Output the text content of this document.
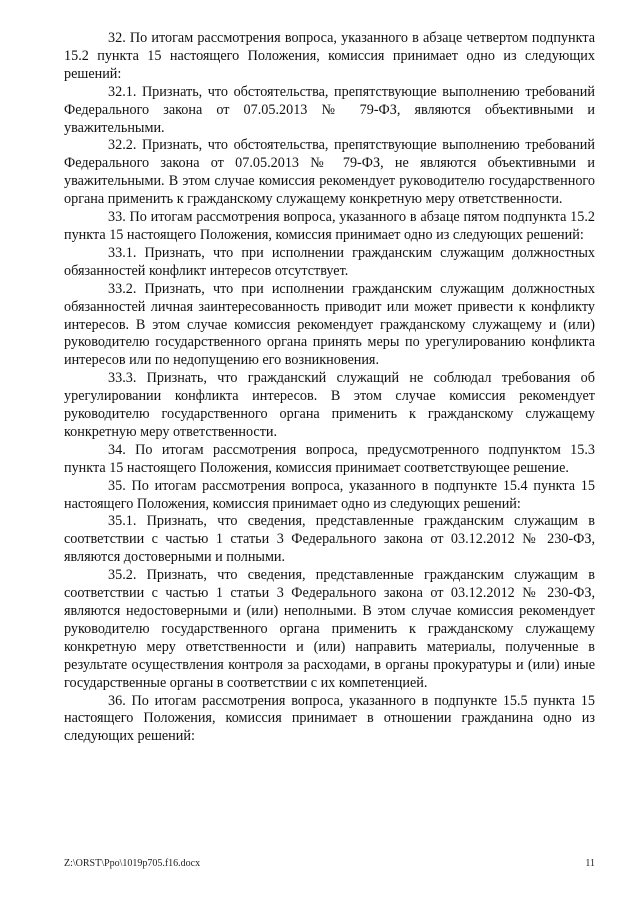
32. По итогам рассмотрения вопроса, указанного в абзаце четвертом подпункта 15.2 пункта 15 настоящего Положения, комиссия принимает одно из следующих решений:

32.1. Признать, что обстоятельства, препятствующие выполнению требований Федерального закона от 07.05.2013 № 79-ФЗ, являются объективными и уважительными.

32.2. Признать, что обстоятельства, препятствующие выполнению требований Федерального закона от 07.05.2013 № 79-ФЗ, не являются объективными и уважительными. В этом случае комиссия рекомендует руководителю государственного органа применить к гражданскому служащему конкретную меру ответственности.

33. По итогам рассмотрения вопроса, указанного в абзаце пятом подпункта 15.2 пункта 15 настоящего Положения, комиссия принимает одно из следующих решений:

33.1. Признать, что при исполнении гражданским служащим должностных обязанностей конфликт интересов отсутствует.

33.2. Признать, что при исполнении гражданским служащим должностных обязанностей личная заинтересованность приводит или может привести к конфликту интересов. В этом случае комиссия рекомендует гражданскому служащему и (или) руководителю государственного органа принять меры по урегулированию конфликта интересов или по недопущению его возникновения.

33.3. Признать, что гражданский служащий не соблюдал требования об урегулировании конфликта интересов. В этом случае комиссия рекомендует руководителю государственного органа применить к гражданскому служащему конкретную меру ответственности.

34. По итогам рассмотрения вопроса, предусмотренного подпунктом 15.3 пункта 15 настоящего Положения, комиссия принимает соответствующее решение.

35. По итогам рассмотрения вопроса, указанного в подпункте 15.4 пункта 15 настоящего Положения, комиссия принимает одно из следующих решений:

35.1. Признать, что сведения, представленные гражданским служащим в соответствии с частью 1 статьи 3 Федерального закона от 03.12.2012 № 230-ФЗ, являются достоверными и полными.

35.2. Признать, что сведения, представленные гражданским служащим в соответствии с частью 1 статьи 3 Федерального закона от 03.12.2012 № 230-ФЗ, являются недостоверными и (или) неполными. В этом случае комиссия рекомендует руководителю государственного органа применить к гражданскому служащему конкретную меру ответственности и (или) направить материалы, полученные в результате осуществления контроля за расходами, в органы прокуратуры и (или) иные государственные органы в соответствии с их компетенцией.

36. По итогам рассмотрения вопроса, указанного в подпункте 15.5 пункта 15 настоящего Положения, комиссия принимает в отношении гражданина одно из следующих решений:

Z:\ORST\Ppo\1019p705.f16.docx	11
